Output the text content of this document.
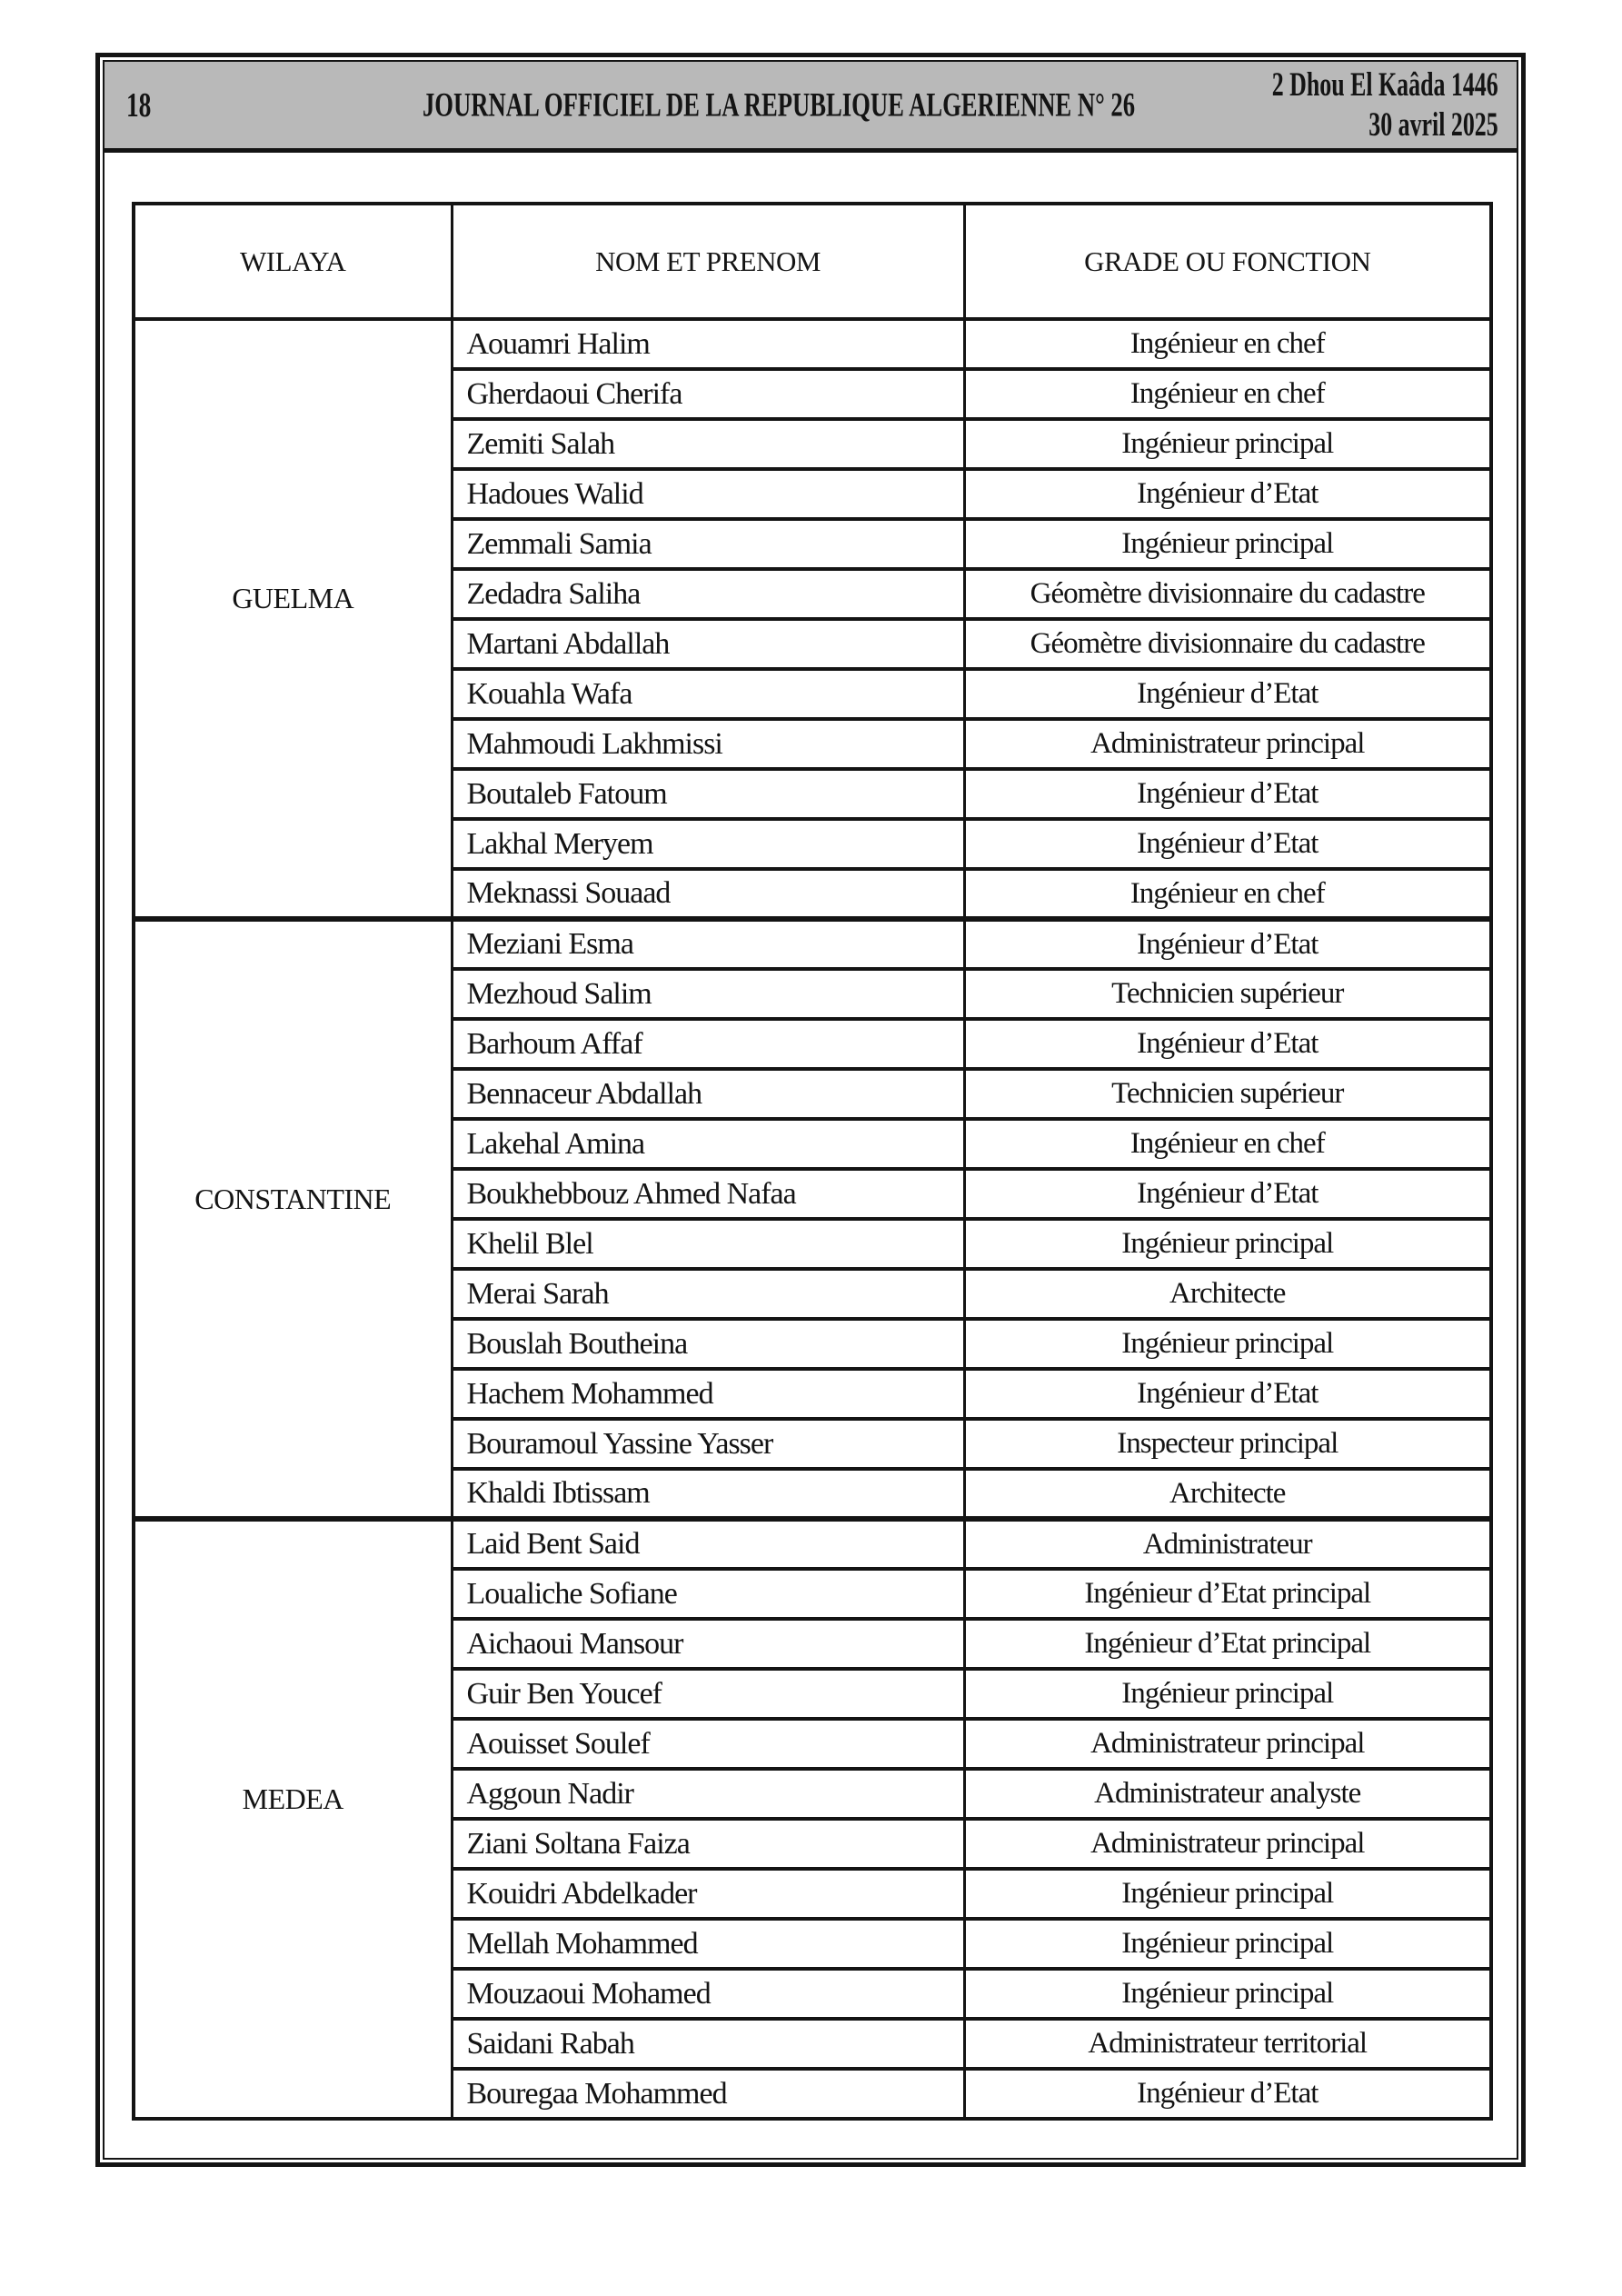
18	JOURNAL OFFICIEL DE LA REPUBLIQUE ALGERIENNE N° 26
2 Dhou El Kaâda 1446
30 avril 2025
WILAYA	NOM ET PRENOM	GRADE OU FONCTION
GUELMA	Aouamri Halim	Ingénieur en chef
	Gherdaoui Cherifa	Ingénieur en chef
	Zemiti Salah	Ingénieur principal
	Hadoues Walid	Ingénieur d’Etat
	Zemmali Samia	Ingénieur principal
	Zedadra Saliha	Géomètre divisionnaire du cadastre
	Martani Abdallah	Géomètre divisionnaire du cadastre
	Kouahla Wafa	Ingénieur d’Etat
	Mahmoudi Lakhmissi	Administrateur principal
	Boutaleb Fatoum	Ingénieur d’Etat
	Lakhal Meryem	Ingénieur d’Etat
	Meknassi Souaad	Ingénieur en chef
CONSTANTINE	Meziani Esma	Ingénieur d’Etat
	Mezhoud Salim	Technicien supérieur
	Barhoum Affaf	Ingénieur d’Etat
	Bennaceur Abdallah	Technicien supérieur
	Lakehal Amina	Ingénieur en chef
	Boukhebbouz Ahmed Nafaa	Ingénieur d’Etat
	Khelil Blel	Ingénieur principal
	Merai Sarah	Architecte
	Bouslah Boutheina	Ingénieur principal
	Hachem Mohammed	Ingénieur d’Etat
	Bouramoul Yassine Yasser	Inspecteur principal
	Khaldi Ibtissam	Architecte
MEDEA	Laid Bent Said	Administrateur
	Loualiche Sofiane	Ingénieur d’Etat principal
	Aichaoui Mansour	Ingénieur d’Etat principal
	Guir Ben Youcef	Ingénieur principal
	Aouisset Soulef	Administrateur principal
	Aggoun Nadir	Administrateur analyste
	Ziani Soltana Faiza	Administrateur principal
	Kouidri Abdelkader	Ingénieur principal
	Mellah Mohammed	Ingénieur principal
	Mouzaoui Mohamed	Ingénieur principal
	Saidani Rabah	Administrateur territorial
	Bouregaa Mohammed	Ingénieur d’Etat
